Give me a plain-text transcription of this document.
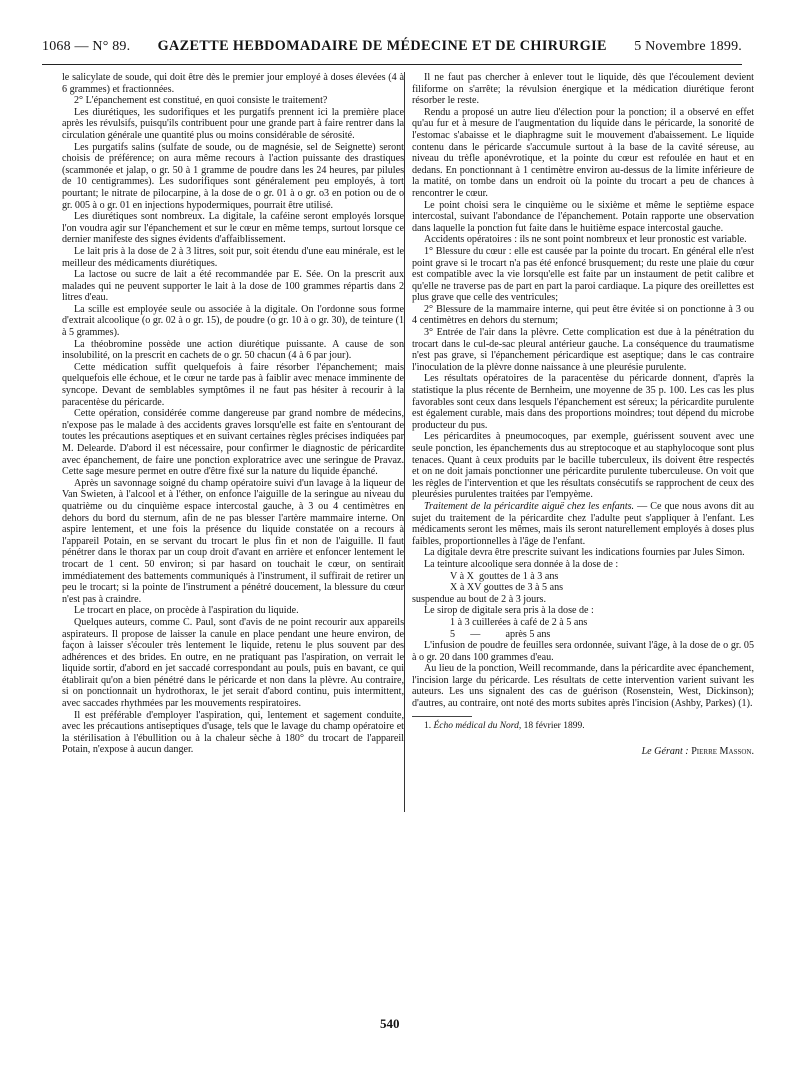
1068 — N° 89. GAZETTE HEBDOMADAIRE DE MÉDECINE ET DE CHIRURGIE 5 Novembre 1899.

le salicylate de soude, qui doit être dès le premier jour employé à doses élevées (4 à 6 grammes) et fractionnées.

2° L'épanchement est constitué, en quoi consiste le traitement?

Les diurétiques, les sudorifiques et les purgatifs prennent ici la première place après les révulsifs, puisqu'ils contribuent pour une grande part à faire rentrer dans la circulation générale une quantité plus ou moins considérable de sérosité.

Les purgatifs salins (sulfate de soude, ou de magnésie, sel de Seignette) seront choisis de préférence; on aura même recours à l'action puissante des drastiques (scammonée et jalap, o gr. 50 à 1 gramme de poudre dans les 24 heures, par pilules de 10 centigrammes). Les sudorifiques sont généralement peu employés, à tort pourtant; le nitrate de pilocarpine, à la dose de o gr. 01 à o gr. o3 en potion ou de o gr. 005 à o gr. 01 en injections hypodermiques, pourrait être utilisé.

Les diurétiques sont nombreux. La digitale, la caféine seront employés lorsque l'on voudra agir sur l'épanchement et sur le cœur en même temps, surtout lorsque ce dernier manifeste des signes évidents d'affaiblissement.

Le lait pris à la dose de 2 à 3 litres, soit pur, soit étendu d'une eau minérale, est le meilleur des médicaments diurétiques.

La lactose ou sucre de lait a été recommandée par E. Sée. On la prescrit aux malades qui ne peuvent supporter le lait à la dose de 100 grammes répartis dans 2 litres d'eau.

La scille est employée seule ou associée à la digitale. On l'ordonne sous forme d'extrait alcoolique (o gr. 02 à o gr. 15), de poudre (o gr. 10 à o gr. 30), de teinture (1 à 5 grammes).

La théobromine possède une action diurétique puissante. A cause de son insolubilité, on la prescrit en cachets de o gr. 50 chacun (4 à 6 par jour).

Cette médication suffit quelquefois à faire résorber l'épanchement; mais quelquefois elle échoue, et le cœur ne tarde pas à faiblir avec menace imminente de syncope. Devant de semblables symptômes il ne faut pas hésiter à recourir à la paracentèse du péricarde.

Cette opération, considérée comme dangereuse par grand nombre de médecins, n'expose pas le malade à des accidents graves lorsqu'elle est faite en s'entourant de toutes les précautions aseptiques et en suivant certaines règles précises indiquées par M. Delearde. D'abord il est nécessaire, pour confirmer le diagnostic de péricardite avec épanchement, de faire une ponction exploratrice avec une seringue de Pravaz. Cette sage mesure permet en outre d'être fixé sur la nature du liquide épanché.

Après un savonnage soigné du champ opératoire suivi d'un lavage à la liqueur de Van Swieten, à l'alcool et à l'éther, on enfonce l'aiguille de la seringue au niveau du quatrième ou du cinquième espace intercostal gauche, à 3 ou 4 centimètres en dehors du bord du sternum, afin de ne pas blesser l'artère mammaire interne. On aspire lentement, et une fois la présence du liquide constatée on a recours à l'appareil Potain, en se servant du trocart le plus fin et non de l'aiguille. Il faut pénétrer dans le thorax par un coup droit d'avant en arrière et enfoncer lentement le trocart de 1 cent. 50 environ; si par hasard on touchait le cœur, on sentirait immédiatement des battements communiqués à l'instrument, il suffirait de retirer un peu le trocart; si la pointe de l'instrument a pénétré doucement, la blessure du cœur n'est pas à craindre.

Le trocart en place, on procède à l'aspiration du liquide.

Quelques auteurs, comme C. Paul, sont d'avis de ne point recourir aux appareils aspirateurs. Il propose de laisser la canule en place pendant une heure environ, de façon à laisser s'écouler très lentement le liquide, retenu le plus souvent par des adhérences et des brides. En outre, en ne pratiquant pas l'aspiration, on verrait le liquide sortir, d'abord en jet saccadé correspondant au pouls, puis en bavant, ce qui établirait qu'on a bien pénétré dans le péricarde et non dans la plèvre. Au contraire, si on ponctionnait un hydrothorax, le jet serait d'abord continu, puis intermittent, avec saccades rhythmées par les mouvements respiratoires.

Il est préférable d'employer l'aspiration, qui, lentement et sagement conduite, avec les précautions antiseptiques d'usage, tels que le lavage du champ opératoire et la stérilisation à l'ébullition ou à la chaleur sèche à 180° du trocart de l'appareil Potain, n'expose à aucun danger.

Il ne faut pas chercher à enlever tout le liquide, dès que l'écoulement devient filiforme on s'arrête; la révulsion énergique et la médication diurétique feront résorber le reste.

Rendu a proposé un autre lieu d'élection pour la ponction; il a observé en effet qu'au fur et à mesure de l'augmentation du liquide dans le péricarde, la sonorité de l'estomac s'abaisse et le diaphragme suit le mouvement d'abaissement. Le liquide contenu dans le péricarde s'accumule surtout à la base de la cavité séreuse, au niveau du trèfle aponévrotique, et la pointe du cœur est refoulée en haut et en dedans. En ponctionnant à 1 centimètre environ au-dessus de la limite inférieure de la matité, on tombe dans un endroit où la pointe du trocart a peu de chances à rencontrer le cœur.

Le point choisi sera le cinquième ou le sixième et même le septième espace intercostal, suivant l'abondance de l'épanchement. Potain rapporte une observation dans laquelle la ponction fut faite dans le huitième espace intercostal gauche.

Accidents opératoires : ils ne sont point nombreux et leur pronostic est variable.

1° Blessure du cœur : elle est causée par la pointe du trocart. En général elle n'est point grave si le trocart n'a pas été enfoncé brusquement; du reste une plaie du cœur est compatible avec la vie lorsqu'elle est faite par un instaument de petit calibre et qu'elle ne traverse pas de part en part la paroi cardiaque. La piqure des oreillettes est plus grave que celle des ventricules;

2° Blessure de la mammaire interne, qui peut être évitée si on ponctionne à 3 ou 4 centimètres en dehors du sternum;

3° Entrée de l'air dans la plèvre. Cette complication est due à la pénétration du trocart dans le cul-de-sac pleural antérieur gauche. La conséquence du traumatisme n'est pas grave, si l'épanchement péricardique est aseptique; dans le cas contraire l'inoculation de la plèvre donne naissance à une pleurésie purulente.

Les résultats opératoires de la paracentèse du péricarde donnent, d'après la statistique la plus récente de Bernheim, une moyenne de 35 p. 100. Les cas les plus favorables sont ceux dans lesquels l'épanchement est séreux; la péricardite purulente est également curable, mais dans des proportions moindres; tout dépend du microbe producteur du pus.

Les péricardites à pneumocoques, par exemple, guérissent souvent avec une seule ponction, les épanchements dus au streptocoque et au staphylocoque sont plus tenaces. Quant à ceux produits par le bacille tuberculeux, ils doivent être respectés et on ne doit jamais ponctionner une péricardite purulente tuberculeuse. On voit que les règles de l'intervention et que les résultats consécutifs se rapprochent de ceux des pleurésies purulentes traitées par l'empyème.

Traitement de la péricardite aiguë chez les enfants. — Ce que nous avons dit au sujet du traitement de la péricardite chez l'adulte peut s'appliquer à l'enfant. Les médicaments seront les mêmes, mais ils seront naturellement employés à doses plus faibles, proportionnelles à l'âge de l'enfant.

La digitale devra être prescrite suivant les indications fournies par Jules Simon.

La teinture alcoolique sera donnée à la dose de :

V à X  gouttes de 1 à 3 ans
X à XV gouttes de 3 à 5 ans

suspendue au bout de 2 à 3 jours.

Le sirop de digitale sera pris à la dose de :

1 à 3 cuillerées à café de 2 à 5 ans
5      —          après 5 ans

L'infusion de poudre de feuilles sera ordonnée, suivant l'âge, à la dose de o gr. 05 à o gr. 20 dans 100 grammes d'eau.

Au lieu de la ponction, Weill recommande, dans la péricardite avec épanchement, l'incision large du péricarde. Les résultats de cette intervention varient suivant les auteurs. Les uns signalent des cas de guérison (Rosenstein, West, Dickinson); d'autres, au contraire, ont noté des morts subites après l'incision (Ashby, Parkes) (1).

1. Écho médical du Nord, 18 février 1899.

Le Gérant : Pierre Masson.
540
